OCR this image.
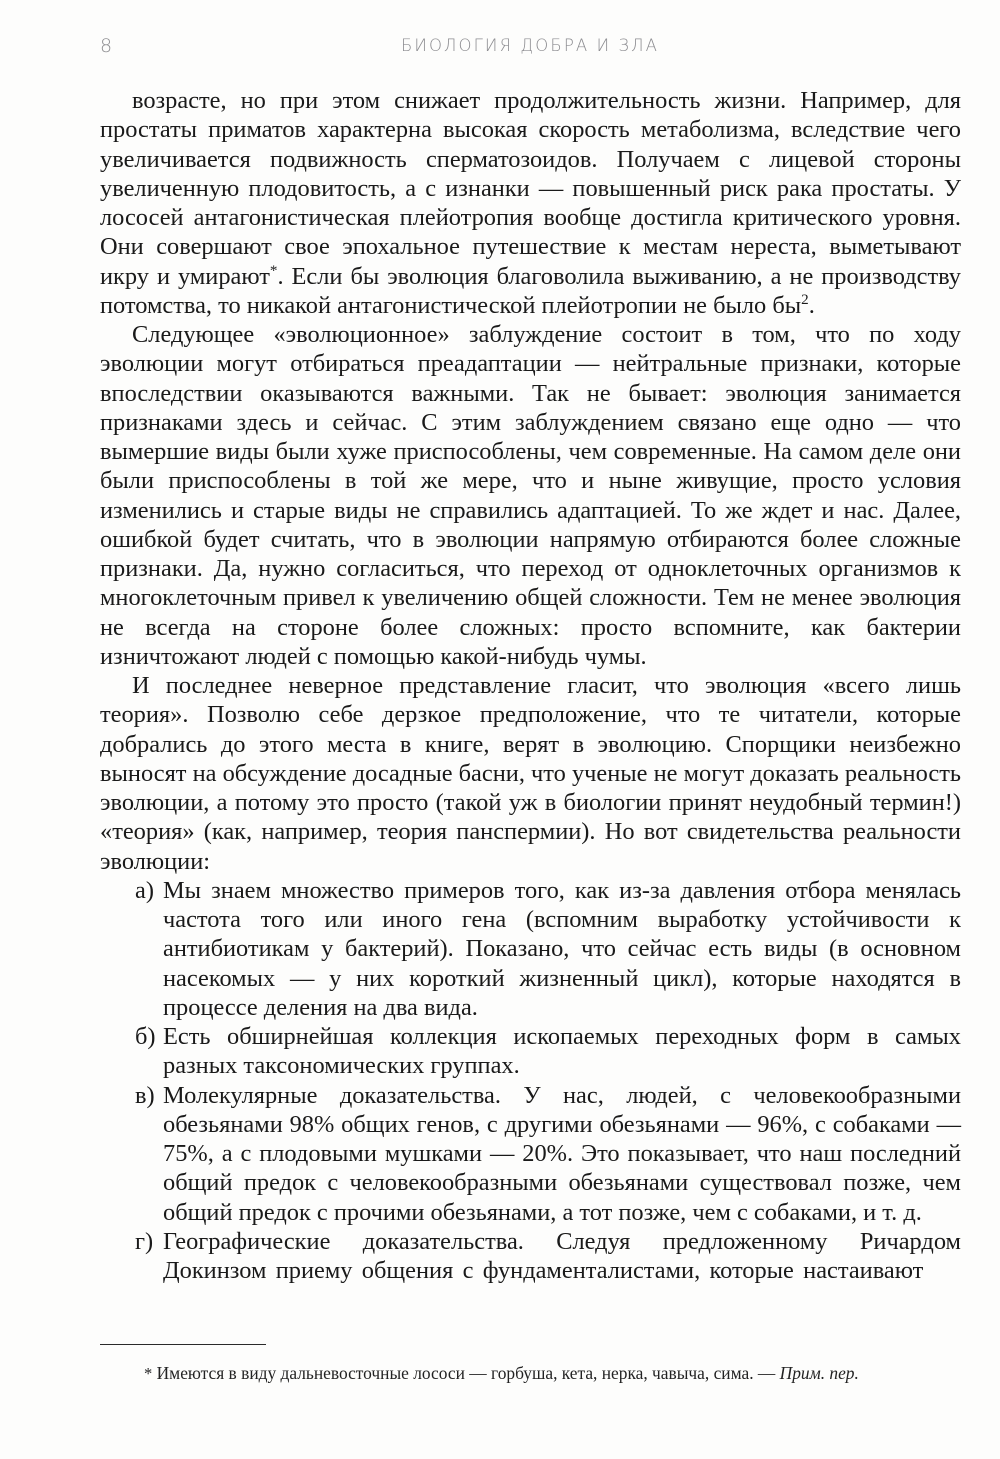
8	БИОЛОГИЯ ДОБРА И ЗЛА

возрасте, но при этом снижает продолжительность жизни. Например, для простаты приматов характерна высокая скорость метаболизма, вследствие чего увеличивается подвижность сперматозоидов. Получаем с лицевой стороны увеличенную плодовитость, а с изнанки — повышенный риск рака простаты. У лососей антагонистическая плейотропия вообще достигла критического уровня. Они совершают свое эпохальное путешествие к местам нереста, выметывают икру и умирают*. Если бы эволюция благоволила выживанию, а не производству потомства, то никакой антагонистической плейотропии не было бы$^2$.

Следующее «эволюционное» заблуждение состоит в том, что по ходу эволюции могут отбираться преадаптации — нейтральные признаки, которые впоследствии оказываются важными. Так не бывает: эволюция занимается признаками здесь и сейчас. С этим заблуждением связано еще одно — что вымершие виды были хуже приспособлены, чем современные. На самом деле они были приспособлены в той же мере, что и ныне живущие, просто условия изменились и старые виды не справились адаптацией. То же ждет и нас. Далее, ошибкой будет считать, что в эволюции напрямую отбираются более сложные признаки. Да, нужно согласиться, что переход от одноклеточных организмов к многоклеточным привел к увеличению общей сложности. Тем не менее эволюция не всегда на стороне более сложных: просто вспомните, как бактерии изничтожают людей с помощью какой-нибудь чумы.

И последнее неверное представление гласит, что эволюция «всего лишь теория». Позволю себе дерзкое предположение, что те читатели, которые добрались до этого места в книге, верят в эволюцию. Спорщики неизбежно выносят на обсуждение досадные басни, что ученые не могут доказать реальность эволюции, а потому это просто (такой уж в биологии принят неудобный термин!) «теория» (как, например, теория панспермии). Но вот свидетельства реальности эволюции:

а) Мы знаем множество примеров того, как из-за давления отбора менялась частота того или иного гена (вспомним выработку устойчивости к антибиотикам у бактерий). Показано, что сейчас есть виды (в основном насекомых — у них короткий жизненный цикл), которые находятся в процессе деления на два вида.
б) Есть обширнейшая коллекция ископаемых переходных форм в самых разных таксономических группах.
в) Молекулярные доказательства. У нас, людей, с человекообразными обезьянами 98% общих генов, с другими обезьянами — 96%, с собаками — 75%, а с плодовыми мушками — 20%. Это показывает, что наш последний общий предок с человекообразными обезьянами существовал позже, чем общий предок с прочими обезьянами, а тот позже, чем с собаками, и т. д.
г) Географические доказательства. Следуя предложенному Ричардом Докинзом приему общения с фундаменталистами, которые настаивают

* Имеются в виду дальневосточные лососи — горбуша, кета, нерка, чавыча, сима. — Прим. пер.
